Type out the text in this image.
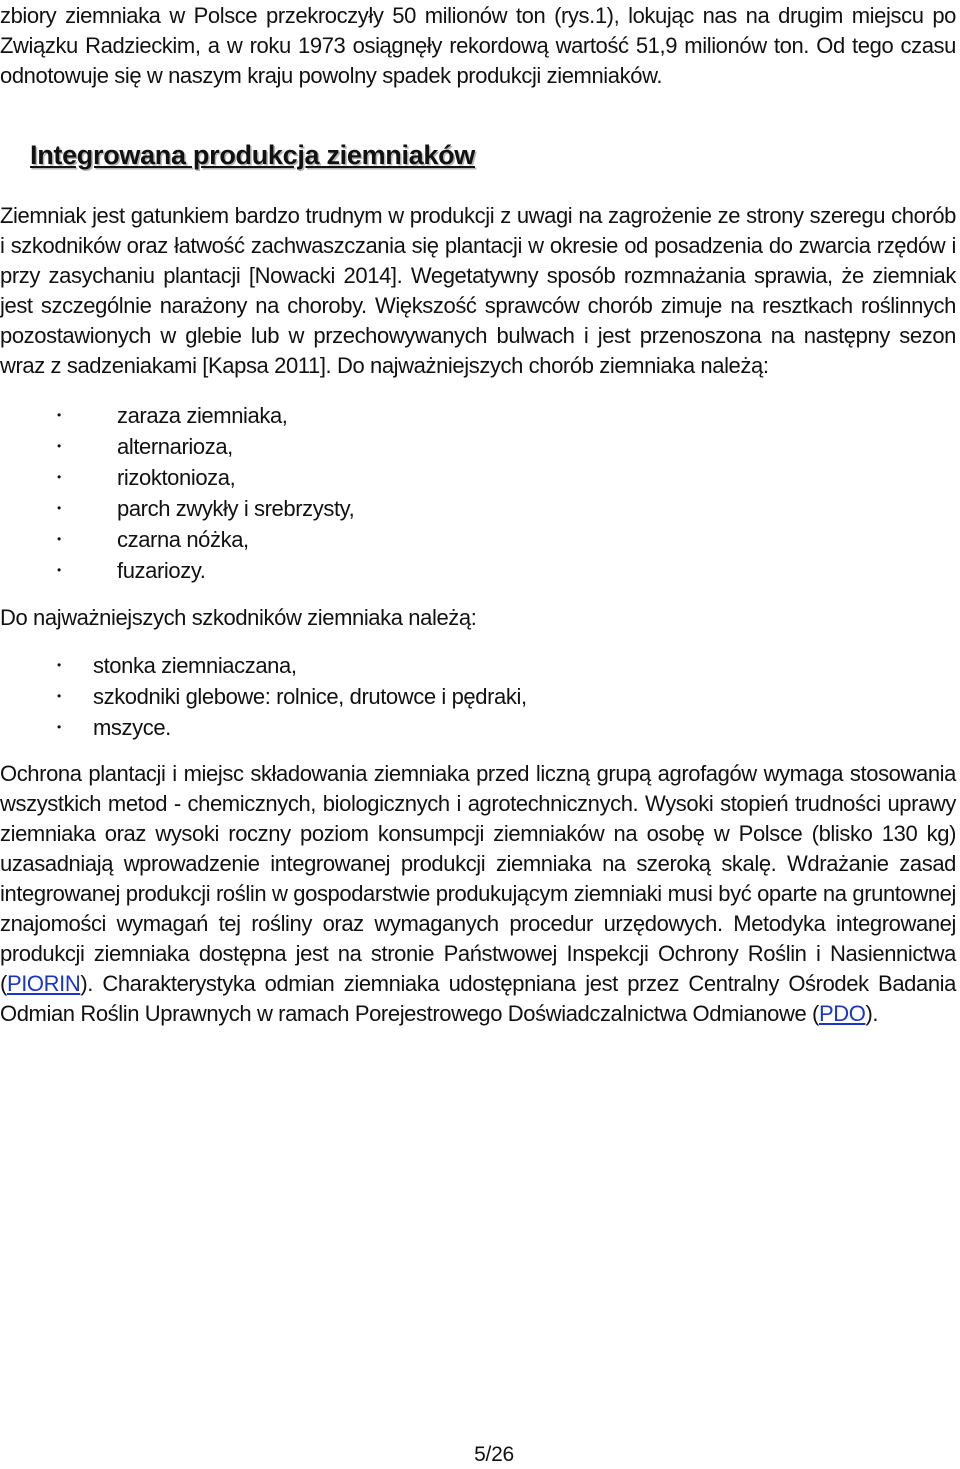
zbiory ziemniaka w Polsce przekroczyły 50 milionów ton (rys.1), lokując nas na drugim miejscu po Związku Radzieckim, a w roku 1973 osiągnęły rekordową wartość 51,9 milionów ton. Od tego czasu odnotowuje się w naszym kraju powolny spadek produkcji ziemniaków.

Integrowana produkcja ziemniaków

Ziemniak jest gatunkiem bardzo trudnym w produkcji z uwagi na zagrożenie ze strony szeregu chorób i szkodników oraz łatwość zachwaszczania się plantacji w okresie od posadzenia do zwarcia rzędów i przy zasychaniu plantacji [Nowacki 2014]. Wegetatywny sposób rozmnażania sprawia, że ziemniak jest szczególnie narażony na choroby. Większość sprawców chorób zimuje na resztkach roślinnych pozostawionych w glebie lub w przechowywanych bulwach i jest przenoszona na następny sezon wraz z sadzeniakami [Kapsa 2011]. Do najważniejszych chorób ziemniaka należą:

•	zaraza ziemniaka,
•	alternarioza,
•	rizoktonioza,
•	parch zwykły i srebrzysty,
•	czarna nóżka,
•	fuzariozy.

Do najważniejszych szkodników ziemniaka należą:

• stonka ziemniaczana,
• szkodniki glebowe: rolnice, drutowce i pędraki,
• mszyce.

Ochrona plantacji i miejsc składowania ziemniaka przed liczną grupą agrofagów wymaga stosowania wszystkich metod - chemicznych, biologicznych i agrotechnicznych. Wysoki stopień trudności uprawy ziemniaka oraz wysoki roczny poziom konsumpcji ziemniaków na osobę w Polsce (blisko 130 kg) uzasadniają wprowadzenie integrowanej produkcji ziemniaka na szeroką skalę. Wdrażanie zasad integrowanej produkcji roślin w gospodarstwie produkującym ziemniaki musi być oparte na gruntownej znajomości wymagań tej rośliny oraz wymaganych procedur urzędowych. Metodyka integrowanej produkcji ziemniaka dostępna jest na stronie Państwowej Inspekcji Ochrony Roślin i Nasiennictwa (PIORIN). Charakterystyka odmian ziemniaka udostępniana jest przez Centralny Ośrodek Badania Odmian Roślin Uprawnych w ramach Porejestrowego Doświadczalnictwa Odmianowe (PDO).

5/26
